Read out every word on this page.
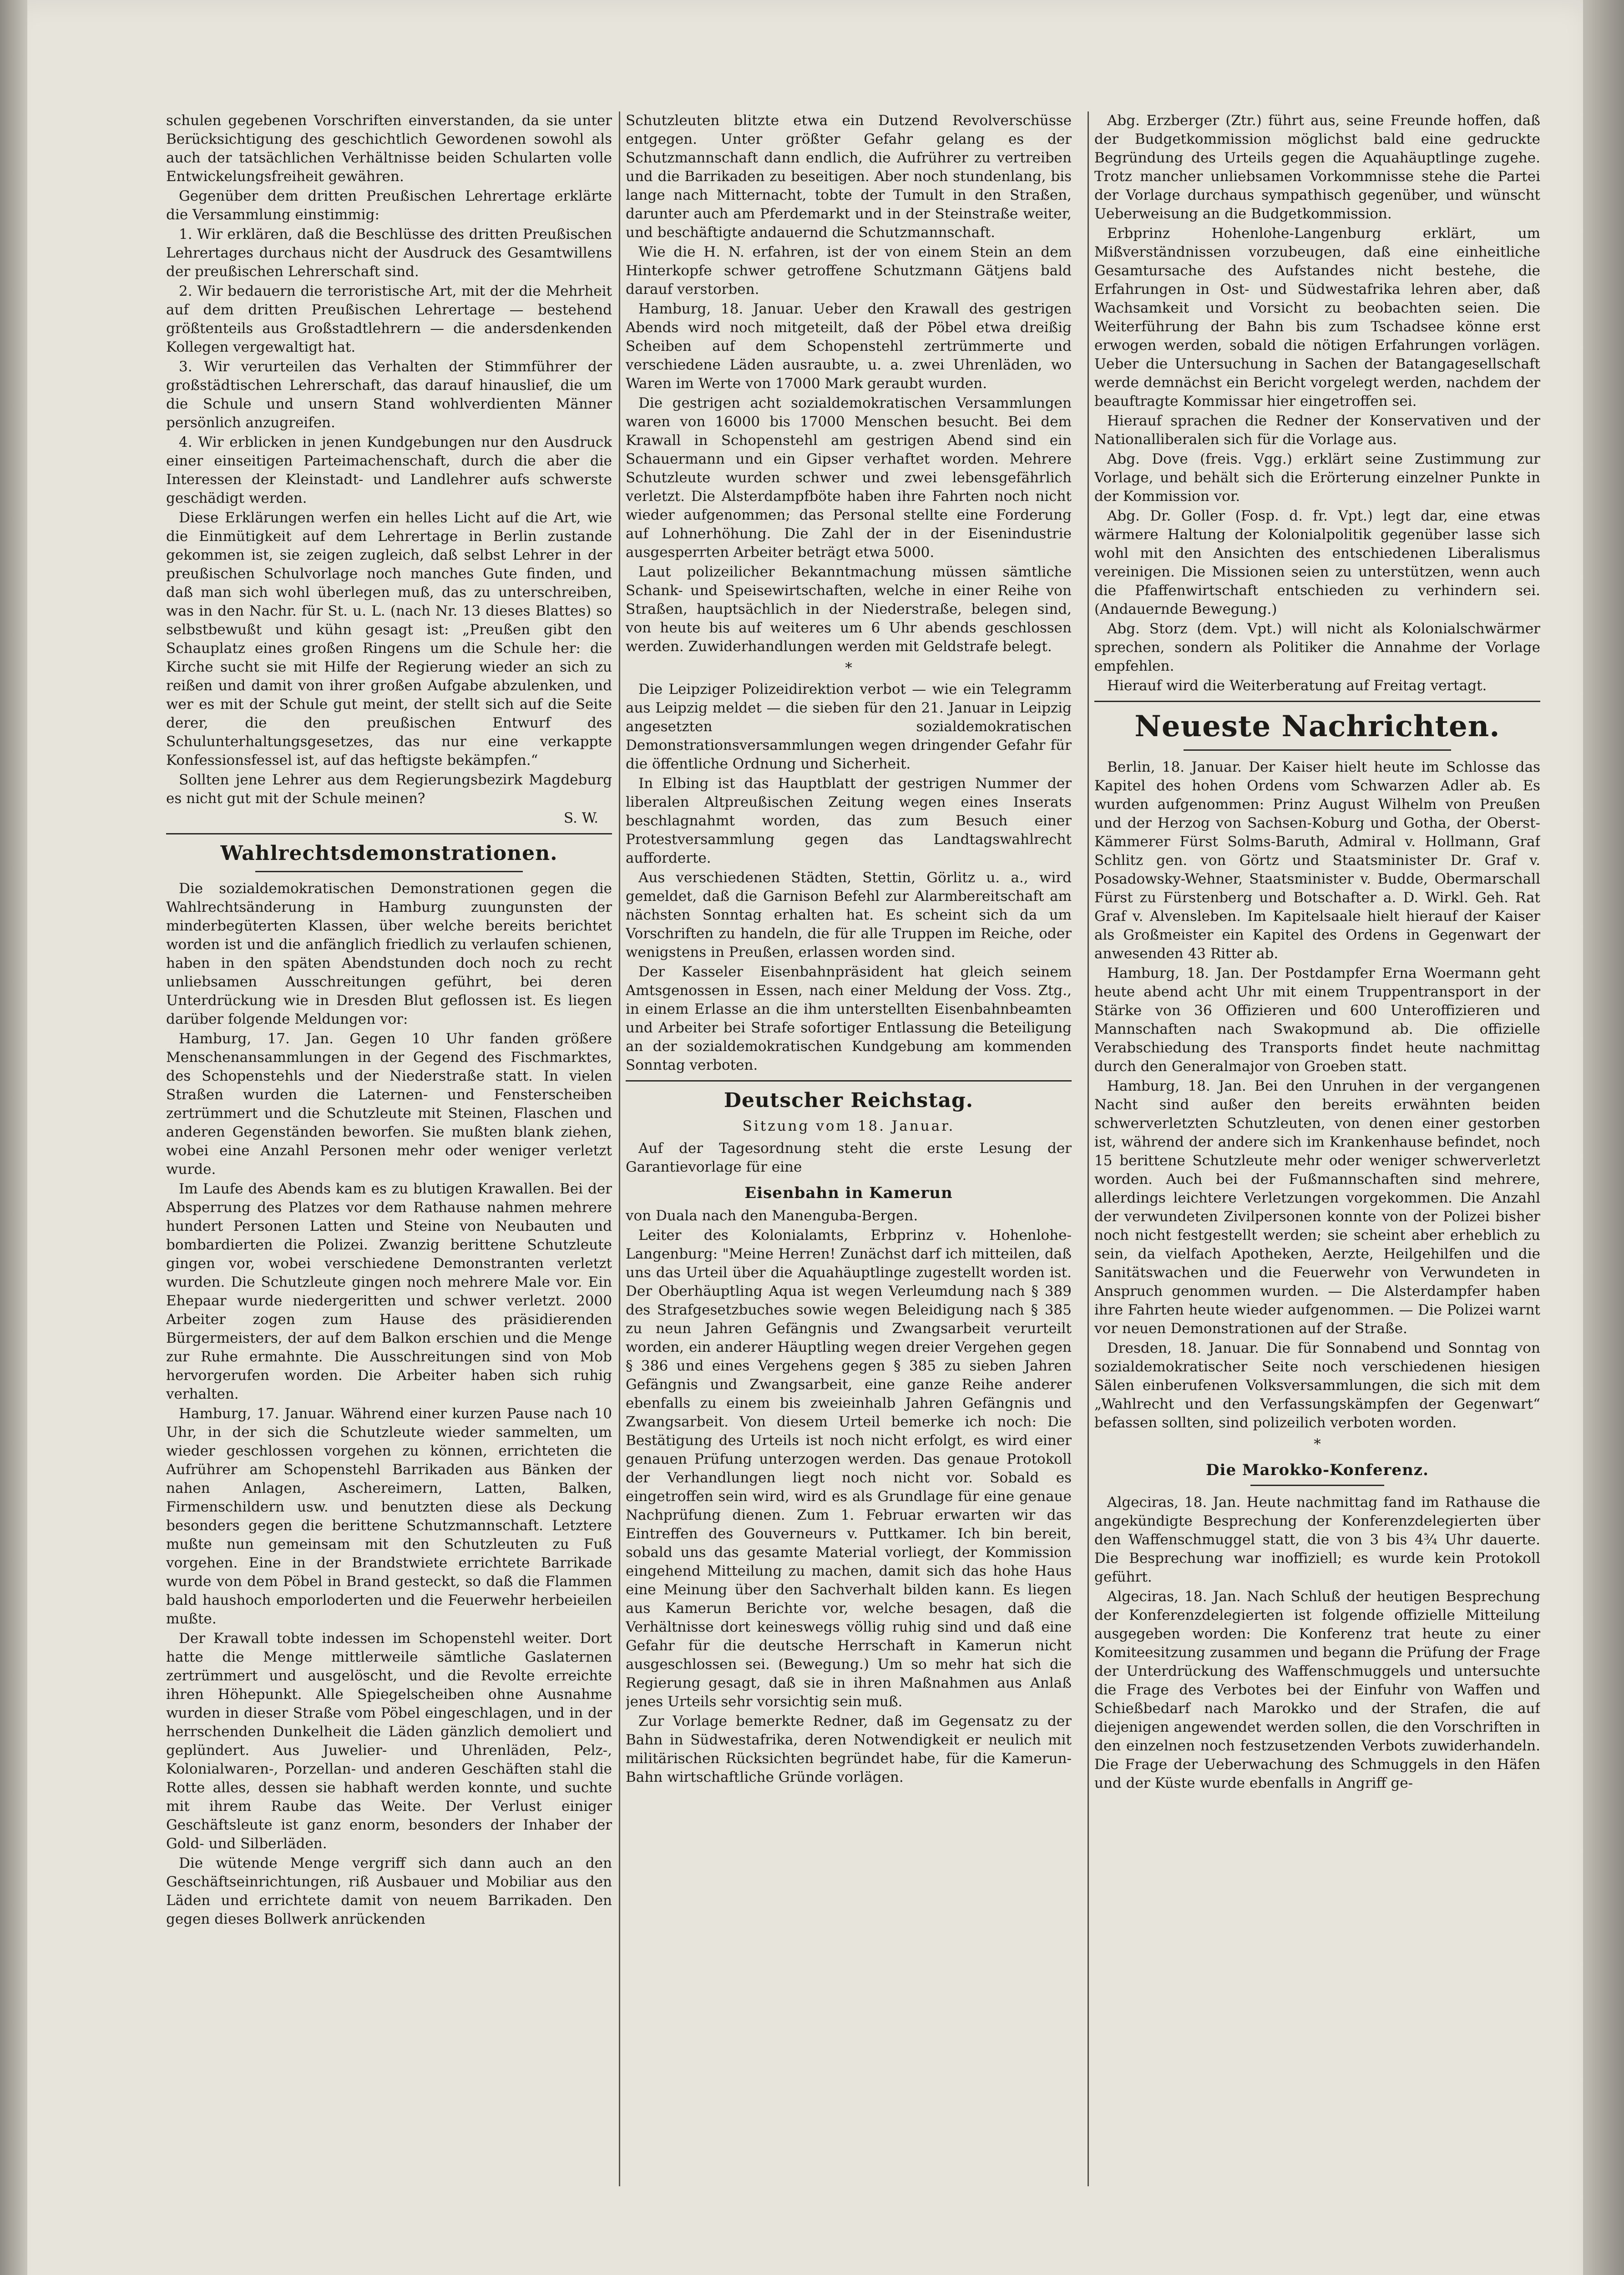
schulen gegebenen Vorschriften einverstanden, da sie unter Berücksichtigung des geschichtlich Gewordenen sowohl als auch der tatsächlichen Verhältnisse beiden Schularten volle Entwickelungsfreiheit gewähren.

Gegenüber dem dritten Preußischen Lehrertage erklärte die Versammlung einstimmig:

1. Wir erklären, daß die Beschlüsse des dritten Preußischen Lehrertages durchaus nicht der Ausdruck des Gesamtwillens der preußischen Lehrerschaft sind.

2. Wir bedauern die terroristische Art, mit der die Mehrheit auf dem dritten Preußischen Lehrertage — bestehend größtenteils aus Großstadtlehrern — die andersdenkenden Kollegen vergewaltigt hat.

3. Wir verurteilen das Verhalten der Stimmführer der großstädtischen Lehrerschaft, das darauf hinauslief, die um die Schule und unsern Stand wohlverdienten Männer persönlich anzugreifen.

4. Wir erblicken in jenen Kundgebungen nur den Ausdruck einer einseitigen Parteimachenschaft, durch die aber die Interessen der Kleinstadt- und Landlehrer aufs schwerste geschädigt werden.

Diese Erklärungen werfen ein helles Licht auf die Art, wie die Einmütigkeit auf dem Lehrertage in Berlin zustande gekommen ist, sie zeigen zugleich, daß selbst Lehrer in der preußischen Schulvorlage noch manches Gute finden, und daß man sich wohl überlegen muß, das zu unterschreiben, was in den Nachr. für St. u. L. (nach Nr. 13 dieses Blattes) so selbstbewußt und kühn gesagt ist: „Preußen gibt den Schauplatz eines großen Ringens um die Schule her: die Kirche sucht sie mit Hilfe der Regierung wieder an sich zu reißen und damit von ihrer großen Aufgabe abzulenken, und wer es mit der Schule gut meint, der stellt sich auf die Seite derer, die den preußischen Entwurf des Schulunterhaltungsgesetzes, das nur eine verkappte Konfessionsfessel ist, auf das heftigste bekämpfen.“

Sollten jene Lehrer aus dem Regierungsbezirk Magdeburg es nicht gut mit der Schule meinen?

S. W.

Wahlrechtsdemonstrationen.

Die sozialdemokratischen Demonstrationen gegen die Wahlrechtsänderung in Hamburg zuungunsten der minderbegüterten Klassen, über welche bereits berichtet worden ist und die anfänglich friedlich zu verlaufen schienen, haben in den späten Abendstunden doch noch zu recht unliebsamen Ausschreitungen geführt, bei deren Unterdrückung wie in Dresden Blut geflossen ist. Es liegen darüber folgende Meldungen vor:

Hamburg, 17. Jan. Gegen 10 Uhr fanden größere Menschenansammlungen in der Gegend des Fischmarktes, des Schopenstehls und der Niederstraße statt. In vielen Straßen wurden die Laternen- und Fensterscheiben zertrümmert und die Schutzleute mit Steinen, Flaschen und anderen Gegenständen beworfen. Sie mußten blank ziehen, wobei eine Anzahl Personen mehr oder weniger verletzt wurde.

Im Laufe des Abends kam es zu blutigen Krawallen. Bei der Absperrung des Platzes vor dem Rathause nahmen mehrere hundert Personen Latten und Steine von Neubauten und bombardierten die Polizei. Zwanzig berittene Schutzleute gingen vor, wobei verschiedene Demonstranten verletzt wurden. Die Schutzleute gingen noch mehrere Male vor. Ein Ehepaar wurde niedergeritten und schwer verletzt. 2000 Arbeiter zogen zum Hause des präsidierenden Bürgermeisters, der auf dem Balkon erschien und die Menge zur Ruhe ermahnte. Die Ausschreitungen sind von Mob hervorgerufen worden. Die Arbeiter haben sich ruhig verhalten.

Hamburg, 17. Januar. Während einer kurzen Pause nach 10 Uhr, in der sich die Schutzleute wieder sammelten, um wieder geschlossen vorgehen zu können, errichteten die Aufrührer am Schopenstehl Barrikaden aus Bänken der nahen Anlagen, Aschereimern, Latten, Balken, Firmenschildern usw. und benutzten diese als Deckung besonders gegen die berittene Schutzmannschaft. Letztere mußte nun gemeinsam mit den Schutzleuten zu Fuß vorgehen. Eine in der Brandstwiete errichtete Barrikade wurde von dem Pöbel in Brand gesteckt, so daß die Flammen bald haushoch emporloderten und die Feuerwehr herbeieilen mußte.

Der Krawall tobte indessen im Schopenstehl weiter. Dort hatte die Menge mittlerweile sämtliche Gaslaternen zertrümmert und ausgelöscht, und die Revolte erreichte ihren Höhepunkt. Alle Spiegelscheiben ohne Ausnahme wurden in dieser Straße vom Pöbel eingeschlagen, und in der herrschenden Dunkelheit die Läden gänzlich demoliert und geplündert. Aus Juwelier- und Uhrenläden, Pelz-, Kolonialwaren-, Porzellan- und anderen Geschäften stahl die Rotte alles, dessen sie habhaft werden konnte, und suchte mit ihrem Raube das Weite. Der Verlust einiger Geschäftsleute ist ganz enorm, besonders der Inhaber der Gold- und Silberläden.

Die wütende Menge vergriff sich dann auch an den Geschäftseinrichtungen, riß Ausbauer und Mobiliar aus den Läden und errichtete damit von neuem Barrikaden. Den gegen dieses Bollwerk anrückenden

Schutzleuten blitzte etwa ein Dutzend Revolverschüsse entgegen. Unter größter Gefahr gelang es der Schutzmannschaft dann endlich, die Aufrührer zu vertreiben und die Barrikaden zu beseitigen. Aber noch stundenlang, bis lange nach Mitternacht, tobte der Tumult in den Straßen, darunter auch am Pferdemarkt und in der Steinstraße weiter, und beschäftigte andauernd die Schutzmannschaft.

Wie die H. N. erfahren, ist der von einem Stein an dem Hinterkopfe schwer getroffene Schutzmann Gätjens bald darauf verstorben.

Hamburg, 18. Januar. Ueber den Krawall des gestrigen Abends wird noch mitgeteilt, daß der Pöbel etwa dreißig Scheiben auf dem Schopenstehl zertrümmerte und verschiedene Läden ausraubte, u. a. zwei Uhrenläden, wo Waren im Werte von 17000 Mark geraubt wurden.

Die gestrigen acht sozialdemokratischen Versammlungen waren von 16000 bis 17000 Menschen besucht. Bei dem Krawall in Schopenstehl am gestrigen Abend sind ein Schauermann und ein Gipser verhaftet worden. Mehrere Schutzleute wurden schwer und zwei lebensgefährlich verletzt. Die Alsterdampfböte haben ihre Fahrten noch nicht wieder aufgenommen; das Personal stellte eine Forderung auf Lohnerhöhung. Die Zahl der in der Eisenindustrie ausgesperrten Arbeiter beträgt etwa 5000.

Laut polizeilicher Bekanntmachung müssen sämtliche Schank- und Speisewirtschaften, welche in einer Reihe von Straßen, hauptsächlich in der Niederstraße, belegen sind, von heute bis auf weiteres um 6 Uhr abends geschlossen werden. Zuwiderhandlungen werden mit Geldstrafe belegt.

*

Die Leipziger Polizeidirektion verbot — wie ein Telegramm aus Leipzig meldet — die sieben für den 21. Januar in Leipzig angesetzten sozialdemokratischen Demonstrationsversammlungen wegen dringender Gefahr für die öffentliche Ordnung und Sicherheit.

In Elbing ist das Hauptblatt der gestrigen Nummer der liberalen Altpreußischen Zeitung wegen eines Inserats beschlagnahmt worden, das zum Besuch einer Protestversammlung gegen das Landtagswahlrecht aufforderte.

Aus verschiedenen Städten, Stettin, Görlitz u. a., wird gemeldet, daß die Garnison Befehl zur Alarmbereitschaft am nächsten Sonntag erhalten hat. Es scheint sich da um Vorschriften zu handeln, die für alle Truppen im Reiche, oder wenigstens in Preußen, erlassen worden sind.

Der Kasseler Eisenbahnpräsident hat gleich seinem Amtsgenossen in Essen, nach einer Meldung der Voss. Ztg., in einem Erlasse an die ihm unterstellten Eisenbahnbeamten und Arbeiter bei Strafe sofortiger Entlassung die Beteiligung an der sozialdemokratischen Kundgebung am kommenden Sonntag verboten.

Deutscher Reichstag.

Sitzung vom 18. Januar.

Auf der Tagesordnung steht die erste Lesung der Garantievorlage für eine

Eisenbahn in Kamerun

von Duala nach den Manenguba-Bergen.

Leiter des Kolonialamts, Erbprinz v. Hohenlohe-Langenburg: "Meine Herren! Zunächst darf ich mitteilen, daß uns das Urteil über die Aquahäuptlinge zugestellt worden ist. Der Oberhäuptling Aqua ist wegen Verleumdung nach § 389 des Strafgesetzbuches sowie wegen Beleidigung nach § 385 zu neun Jahren Gefängnis und Zwangsarbeit verurteilt worden, ein anderer Häuptling wegen dreier Vergehen gegen § 386 und eines Vergehens gegen § 385 zu sieben Jahren Gefängnis und Zwangsarbeit, eine ganze Reihe anderer ebenfalls zu einem bis zweieinhalb Jahren Gefängnis und Zwangsarbeit. Von diesem Urteil bemerke ich noch: Die Bestätigung des Urteils ist noch nicht erfolgt, es wird einer genauen Prüfung unterzogen werden. Das genaue Protokoll der Verhandlungen liegt noch nicht vor. Sobald es eingetroffen sein wird, wird es als Grundlage für eine genaue Nachprüfung dienen. Zum 1. Februar erwarten wir das Eintreffen des Gouverneurs v. Puttkamer. Ich bin bereit, sobald uns das gesamte Material vorliegt, der Kommission eingehend Mitteilung zu machen, damit sich das hohe Haus eine Meinung über den Sachverhalt bilden kann. Es liegen aus Kamerun Berichte vor, welche besagen, daß die Verhältnisse dort keineswegs völlig ruhig sind und daß eine Gefahr für die deutsche Herrschaft in Kamerun nicht ausgeschlossen sei. (Bewegung.) Um so mehr hat sich die Regierung gesagt, daß sie in ihren Maßnahmen aus Anlaß jenes Urteils sehr vorsichtig sein muß.

Zur Vorlage bemerkte Redner, daß im Gegensatz zu der Bahn in Südwestafrika, deren Notwendigkeit er neulich mit militärischen Rücksichten begründet habe, für die Kamerun-Bahn wirtschaftliche Gründe vorlägen.

Abg. Erzberger (Ztr.) führt aus, seine Freunde hoffen, daß der Budgetkommission möglichst bald eine gedruckte Begründung des Urteils gegen die Aquahäuptlinge zugehe. Trotz mancher unliebsamen Vorkommnisse stehe die Partei der Vorlage durchaus sympathisch gegenüber, und wünscht Ueberweisung an die Budgetkommission.

Erbprinz Hohenlohe-Langenburg erklärt, um Mißverständnissen vorzubeugen, daß eine einheitliche Gesamtursache des Aufstandes nicht bestehe, die Erfahrungen in Ost- und Südwestafrika lehren aber, daß Wachsamkeit und Vorsicht zu beobachten seien. Die Weiterführung der Bahn bis zum Tschadsee könne erst erwogen werden, sobald die nötigen Erfahrungen vorlägen. Ueber die Untersuchung in Sachen der Batangagesellschaft werde demnächst ein Bericht vorgelegt werden, nachdem der beauftragte Kommissar hier eingetroffen sei.

Hierauf sprachen die Redner der Konservativen und der Nationalliberalen sich für die Vorlage aus.

Abg. Dove (freis. Vgg.) erklärt seine Zustimmung zur Vorlage, und behält sich die Erörterung einzelner Punkte in der Kommission vor.

Abg. Dr. Goller (Fosp. d. fr. Vpt.) legt dar, eine etwas wärmere Haltung der Kolonialpolitik gegenüber lasse sich wohl mit den Ansichten des entschiedenen Liberalismus vereinigen. Die Missionen seien zu unterstützen, wenn auch die Pfaffenwirtschaft entschieden zu verhindern sei. (Andauernde Bewegung.)

Abg. Storz (dem. Vpt.) will nicht als Kolonialschwärmer sprechen, sondern als Politiker die Annahme der Vorlage empfehlen.

Hierauf wird die Weiterberatung auf Freitag vertagt.

Neueste Nachrichten.

Berlin, 18. Januar. Der Kaiser hielt heute im Schlosse das Kapitel des hohen Ordens vom Schwarzen Adler ab. Es wurden aufgenommen: Prinz August Wilhelm von Preußen und der Herzog von Sachsen-Koburg und Gotha, der Oberst-Kämmerer Fürst Solms-Baruth, Admiral v. Hollmann, Graf Schlitz gen. von Görtz und Staatsminister Dr. Graf v. Posadowsky-Wehner, Staatsminister v. Budde, Obermarschall Fürst zu Fürstenberg und Botschafter a. D. Wirkl. Geh. Rat Graf v. Alvensleben. Im Kapitelsaale hielt hierauf der Kaiser als Großmeister ein Kapitel des Ordens in Gegenwart der anwesenden 43 Ritter ab.

Hamburg, 18. Jan. Der Postdampfer Erna Woermann geht heute abend acht Uhr mit einem Truppentransport in der Stärke von 36 Offizieren und 600 Unteroffizieren und Mannschaften nach Swakopmund ab. Die offizielle Verabschiedung des Transports findet heute nachmittag durch den Generalmajor von Groeben statt.

Hamburg, 18. Jan. Bei den Unruhen in der vergangenen Nacht sind außer den bereits erwähnten beiden schwerverletzten Schutzleuten, von denen einer gestorben ist, während der andere sich im Krankenhause befindet, noch 15 berittene Schutzleute mehr oder weniger schwerverletzt worden. Auch bei der Fußmannschaften sind mehrere, allerdings leichtere Verletzungen vorgekommen. Die Anzahl der verwundeten Zivilpersonen konnte von der Polizei bisher noch nicht festgestellt werden; sie scheint aber erheblich zu sein, da vielfach Apotheken, Aerzte, Heilgehilfen und die Sanitätswachen und die Feuerwehr von Verwundeten in Anspruch genommen wurden. — Die Alsterdampfer haben ihre Fahrten heute wieder aufgenommen. — Die Polizei warnt vor neuen Demonstrationen auf der Straße.

Dresden, 18. Januar. Die für Sonnabend und Sonntag von sozialdemokratischer Seite noch verschiedenen hiesigen Sälen einberufenen Volksversammlungen, die sich mit dem „Wahlrecht und den Verfassungskämpfen der Gegenwart“ befassen sollten, sind polizeilich verboten worden.

*

Die Marokko-Konferenz.

Algeciras, 18. Jan. Heute nachmittag fand im Rathause die angekündigte Besprechung der Konferenzdelegierten über den Waffenschmuggel statt, die von 3 bis 4¾ Uhr dauerte. Die Besprechung war inoffiziell; es wurde kein Protokoll geführt.

Algeciras, 18. Jan. Nach Schluß der heutigen Besprechung der Konferenzdelegierten ist folgende offizielle Mitteilung ausgegeben worden: Die Konferenz trat heute zu einer Komiteesitzung zusammen und begann die Prüfung der Frage der Unterdrückung des Waffenschmuggels und untersuchte die Frage des Verbotes bei der Einfuhr von Waffen und Schießbedarf nach Marokko und der Strafen, die auf diejenigen angewendet werden sollen, die den Vorschriften in den einzelnen noch festzusetzenden Verbots zuwiderhandeln. Die Frage der Ueberwachung des Schmuggels in den Häfen und der Küste wurde ebenfalls in Angriff ge-
